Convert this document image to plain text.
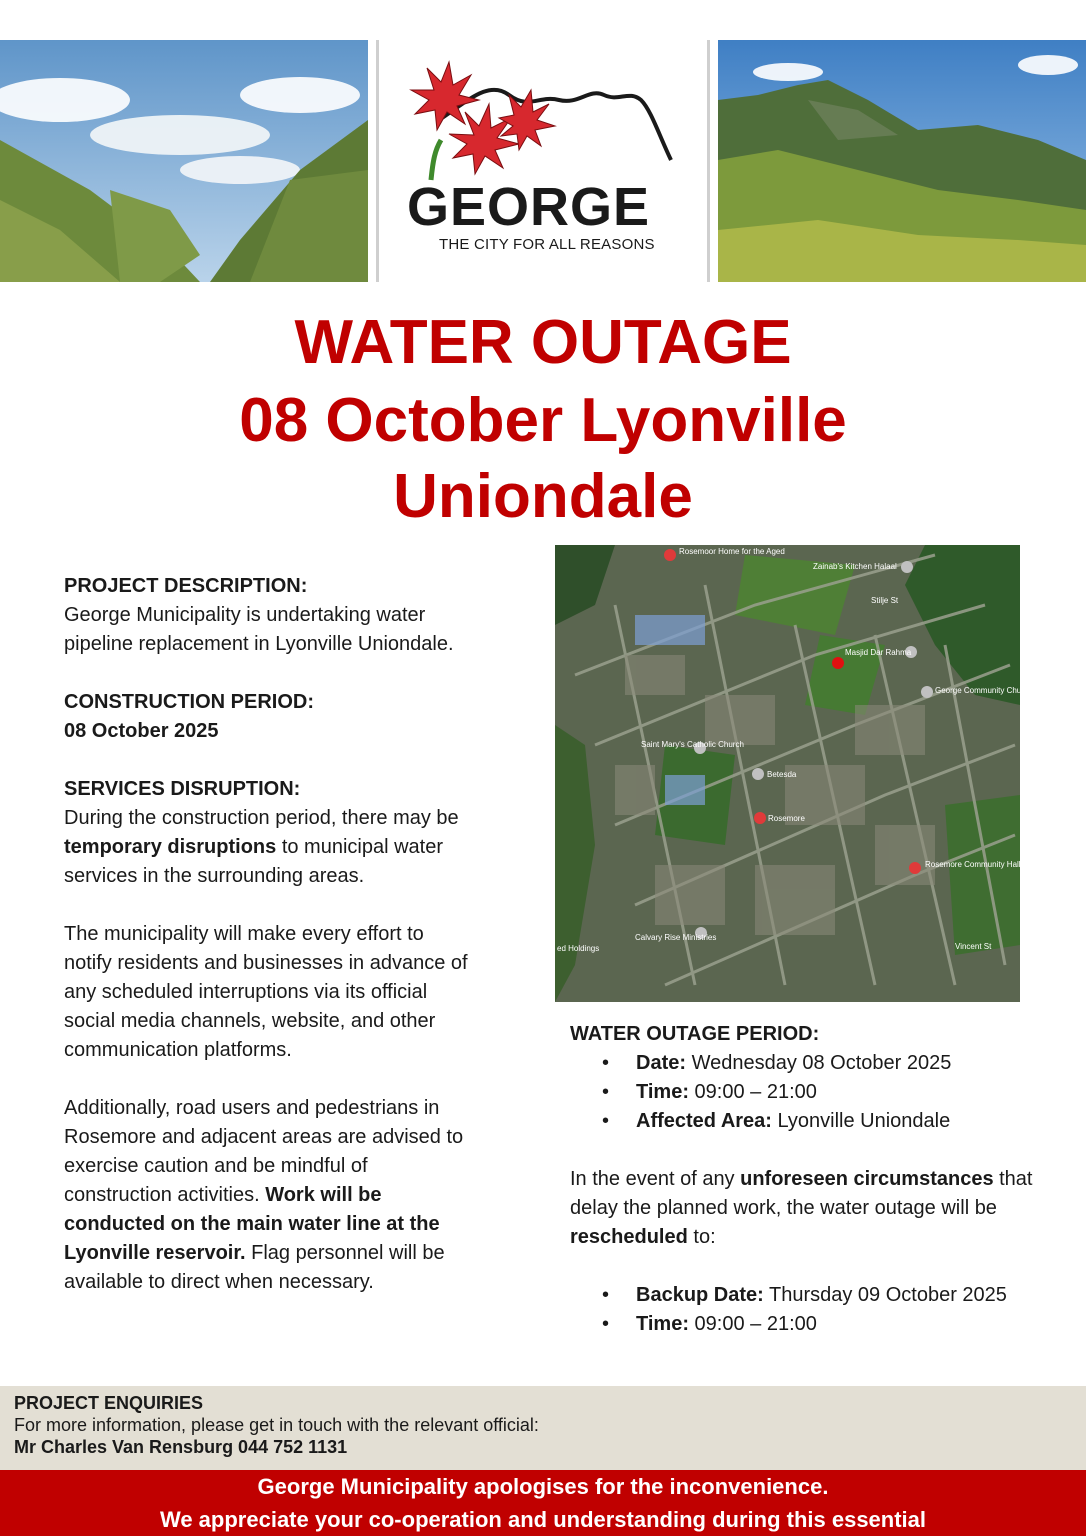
GEORGE
THE CITY FOR ALL REASONS
WATER OUTAGE
08 October Lyonville
Uniondale

PROJECT DESCRIPTION:

George Municipality is undertaking water pipeline replacement in Lyonville Uniondale.

CONSTRUCTION PERIOD:

08 October 2025

SERVICES DISRUPTION:

During the construction period, there may be temporary disruptions to municipal water services in the surrounding areas.

The municipality will make every effort to notify residents and businesses in advance of any scheduled interruptions via its official social media channels, website, and other communication platforms.

Additionally, road users and pedestrians in Rosemore and adjacent areas are advised to exercise caution and be mindful of construction activities. Work will be conducted on the main water line at the Lyonville reservoir. Flag personnel will be available to direct when necessary.

Rosemoor Home for the Aged
Zainab's Kitchen Halaal
Stilje St
Masjid Dar Rahma
George Community Church
Saint Mary's Catholic Church
Betesda
Rosemore
Rosemore Community Hall
Calvary Rise Ministries
ed Holdings	Vincent St

WATER OUTAGE PERIOD:

• Date: Wednesday 08 October 2025
• Time: 09:00 – 21:00
• Affected Area: Lyonville Uniondale

In the event of any unforeseen circumstances that delay the planned work, the water outage will be rescheduled to:

• Backup Date: Thursday 09 October 2025
• Time: 09:00 – 21:00
PROJECT ENQUIRIES
For more information, please get in touch with the relevant official:
Mr Charles Van Rensburg 044 752 1131
George Municipality apologises for the inconvenience.
We appreciate your co-operation and understanding during this essential
